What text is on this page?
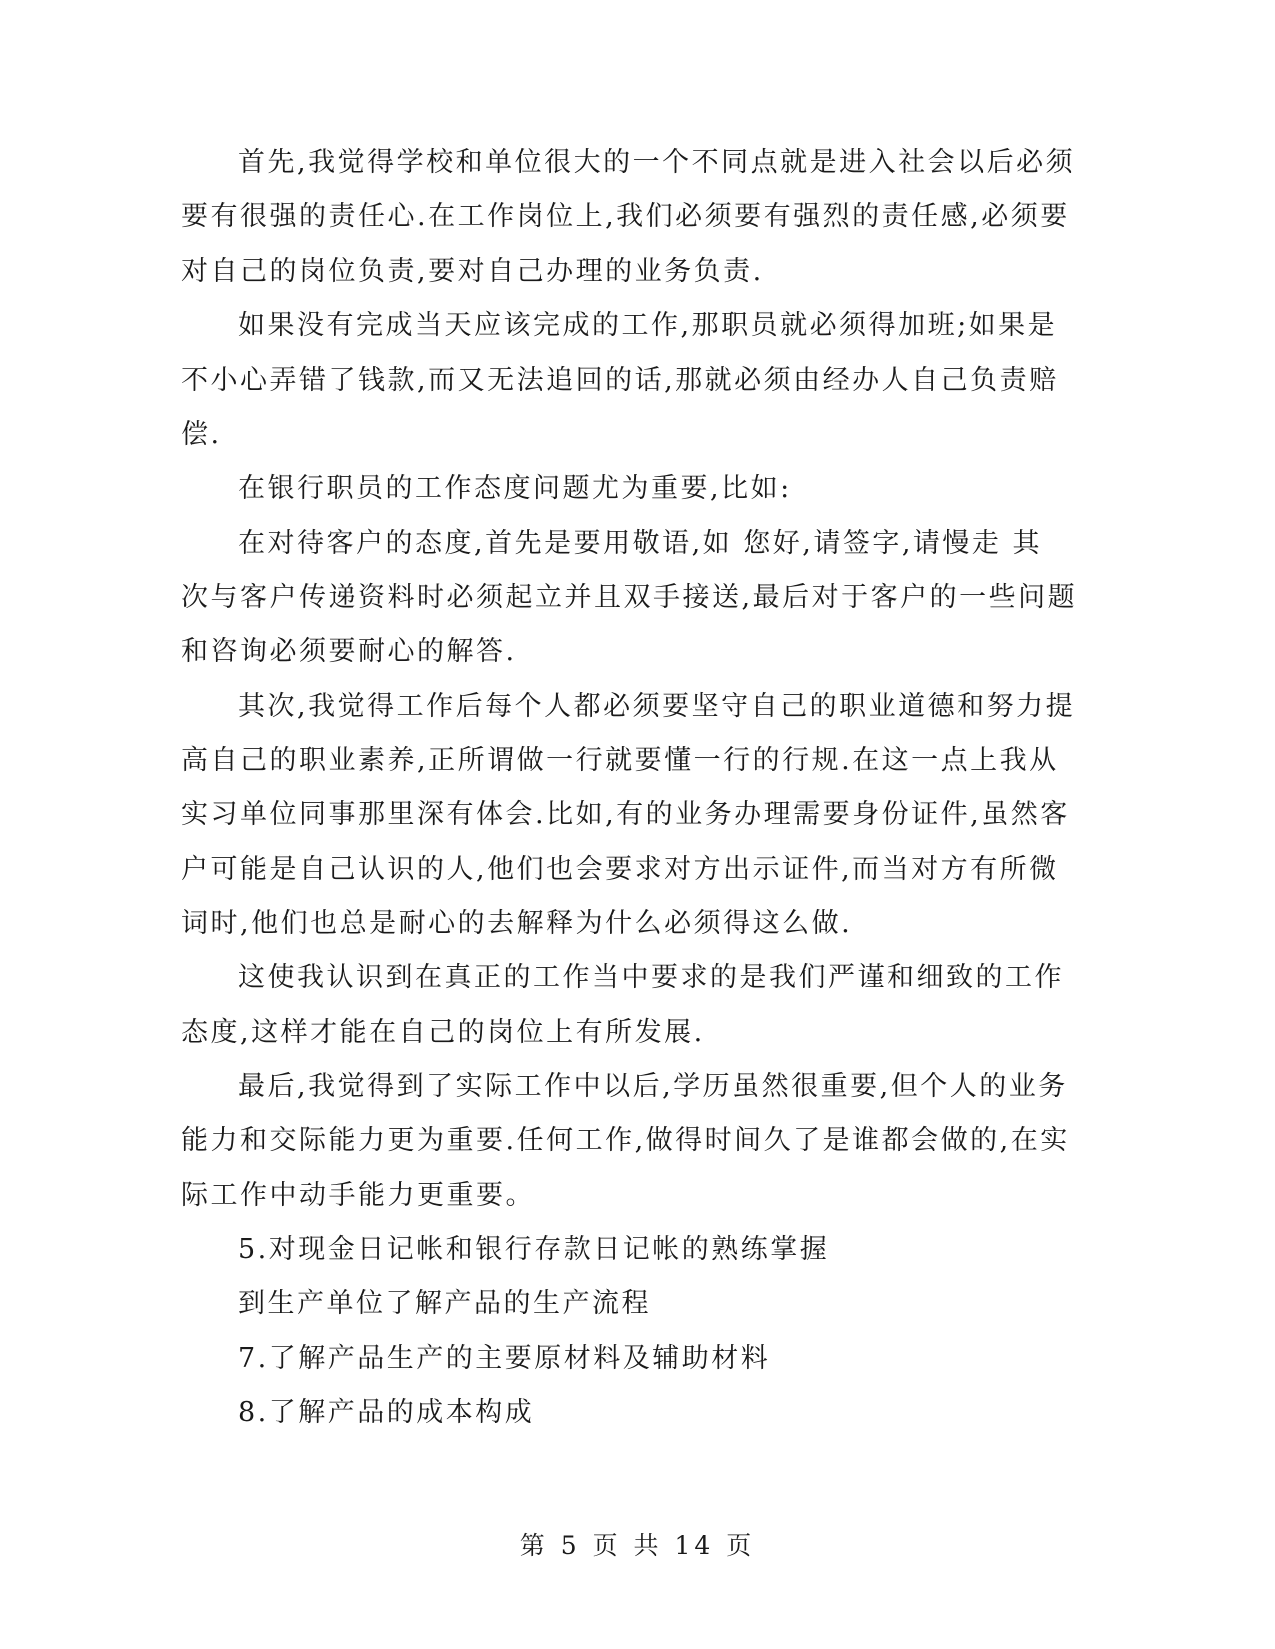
首先,我觉得学校和单位很大的一个不同点就是进入社会以后必须
要有很强的责任心.在工作岗位上,我们必须要有强烈的责任感,必须要
对自己的岗位负责,要对自己办理的业务负责.
如果没有完成当天应该完成的工作,那职员就必须得加班;如果是
不小心弄错了钱款,而又无法追回的话,那就必须由经办人自己负责赔
偿.
在银行职员的工作态度问题尤为重要,比如:
在对待客户的态度,首先是要用敬语,如 您好,请签字,请慢走 其
次与客户传递资料时必须起立并且双手接送,最后对于客户的一些问题
和咨询必须要耐心的解答.
其次,我觉得工作后每个人都必须要坚守自己的职业道德和努力提
高自己的职业素养,正所谓做一行就要懂一行的行规.在这一点上我从
实习单位同事那里深有体会.比如,有的业务办理需要身份证件,虽然客
户可能是自己认识的人,他们也会要求对方出示证件,而当对方有所微
词时,他们也总是耐心的去解释为什么必须得这么做.
这使我认识到在真正的工作当中要求的是我们严谨和细致的工作
态度,这样才能在自己的岗位上有所发展.
最后,我觉得到了实际工作中以后,学历虽然很重要,但个人的业务
能力和交际能力更为重要.任何工作,做得时间久了是谁都会做的,在实
际工作中动手能力更重要。
5.对现金日记帐和银行存款日记帐的熟练掌握
到生产单位了解产品的生产流程
7.了解产品生产的主要原材料及辅助材料
8.了解产品的成本构成
第 5 页 共 14 页
